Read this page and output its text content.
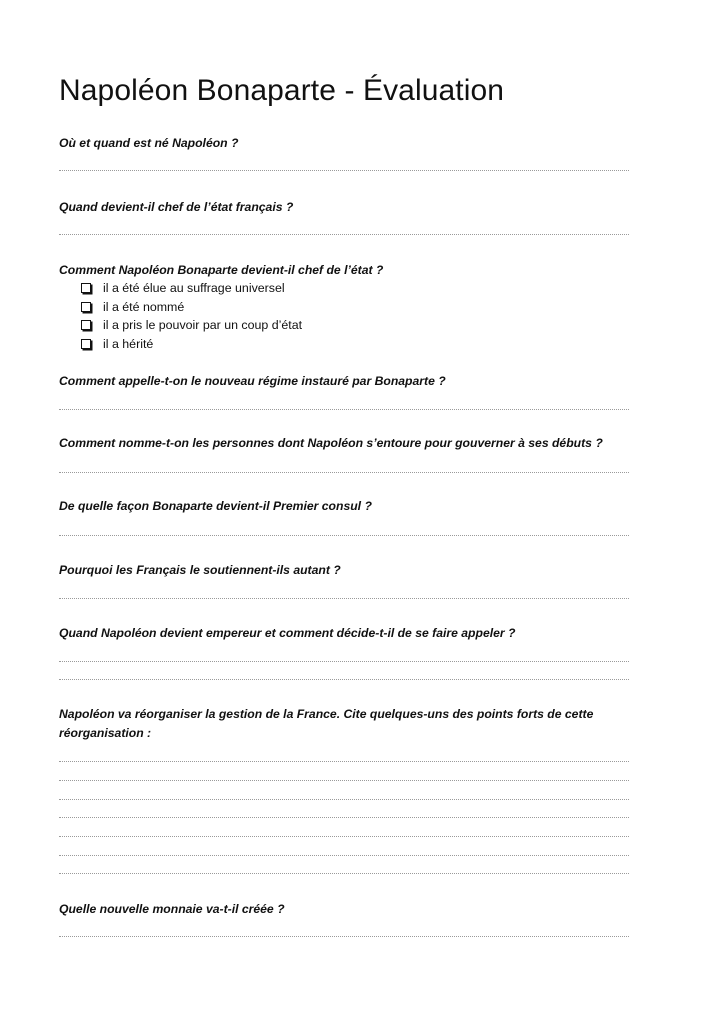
Napoléon Bonaparte - Évaluation
Où et quand est né Napoléon ?
Quand devient-il chef de l’état français ?
Comment Napoléon Bonaparte devient-il chef de l’état ?
il a été élue au suffrage universel
il a été nommé
il a pris le pouvoir par un coup d’état
il a hérité
Comment appelle-t-on le nouveau régime instauré par Bonaparte ?
Comment nomme-t-on les personnes dont Napoléon s’entoure pour gouverner à ses débuts ?
De quelle façon Bonaparte devient-il Premier consul ?
Pourquoi les Français le soutiennent-ils autant ?
Quand Napoléon devient empereur et comment décide-t-il de se faire appeler ?
Napoléon va réorganiser la gestion de la France. Cite quelques-uns des points forts de cette réorganisation :
Quelle nouvelle monnaie va-t-il créée ?
